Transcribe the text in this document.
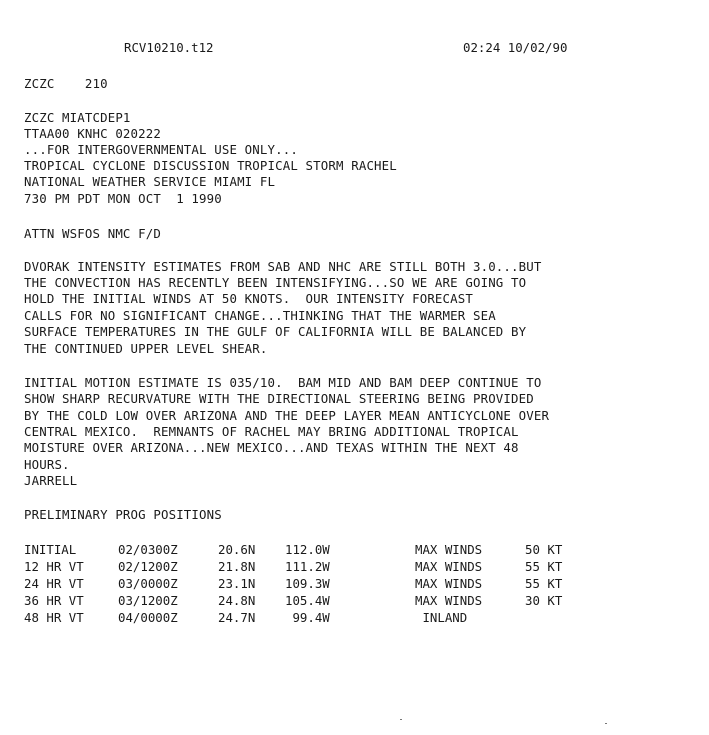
RCV10210.t12	02:24 10/02/90
ZCZC    210
ZCZC MIATCDEP1
TTAA00 KNHC 020222
...FOR INTERGOVERNMENTAL USE ONLY...
TROPICAL CYCLONE DISCUSSION TROPICAL STORM RACHEL
NATIONAL WEATHER SERVICE MIAMI FL
730 PM PDT MON OCT  1 1990
ATTN WSFOS NMC F/D
DVORAK INTENSITY ESTIMATES FROM SAB AND NHC ARE STILL BOTH 3.0...BUT
THE CONVECTION HAS RECENTLY BEEN INTENSIFYING...SO WE ARE GOING TO
HOLD THE INITIAL WINDS AT 50 KNOTS.  OUR INTENSITY FORECAST
CALLS FOR NO SIGNIFICANT CHANGE...THINKING THAT THE WARMER SEA
SURFACE TEMPERATURES IN THE GULF OF CALIFORNIA WILL BE BALANCED BY
THE CONTINUED UPPER LEVEL SHEAR.
INITIAL MOTION ESTIMATE IS 035/10.  BAM MID AND BAM DEEP CONTINUE TO
SHOW SHARP RECURVATURE WITH THE DIRECTIONAL STEERING BEING PROVIDED
BY THE COLD LOW OVER ARIZONA AND THE DEEP LAYER MEAN ANTICYCLONE OVER
CENTRAL MEXICO.  REMNANTS OF RACHEL MAY BRING ADDITIONAL TROPICAL
MOISTURE OVER ARIZONA...NEW MEXICO...AND TEXAS WITHIN THE NEXT 48
HOURS.
JARRELL
PRELIMINARY PROG POSITIONS
INITIAL	02/0300Z	20.6N	112.0W	MAX WINDS	50 KT
12 HR VT	02/1200Z	21.8N	111.2W	MAX WINDS	55 KT
24 HR VT	03/0000Z	23.1N	109.3W	MAX WINDS	55 KT
36 HR VT	03/1200Z	24.8N	105.4W	MAX WINDS	30 KT
48 HR VT	04/0000Z	24.7N	99.4W	INLAND	
